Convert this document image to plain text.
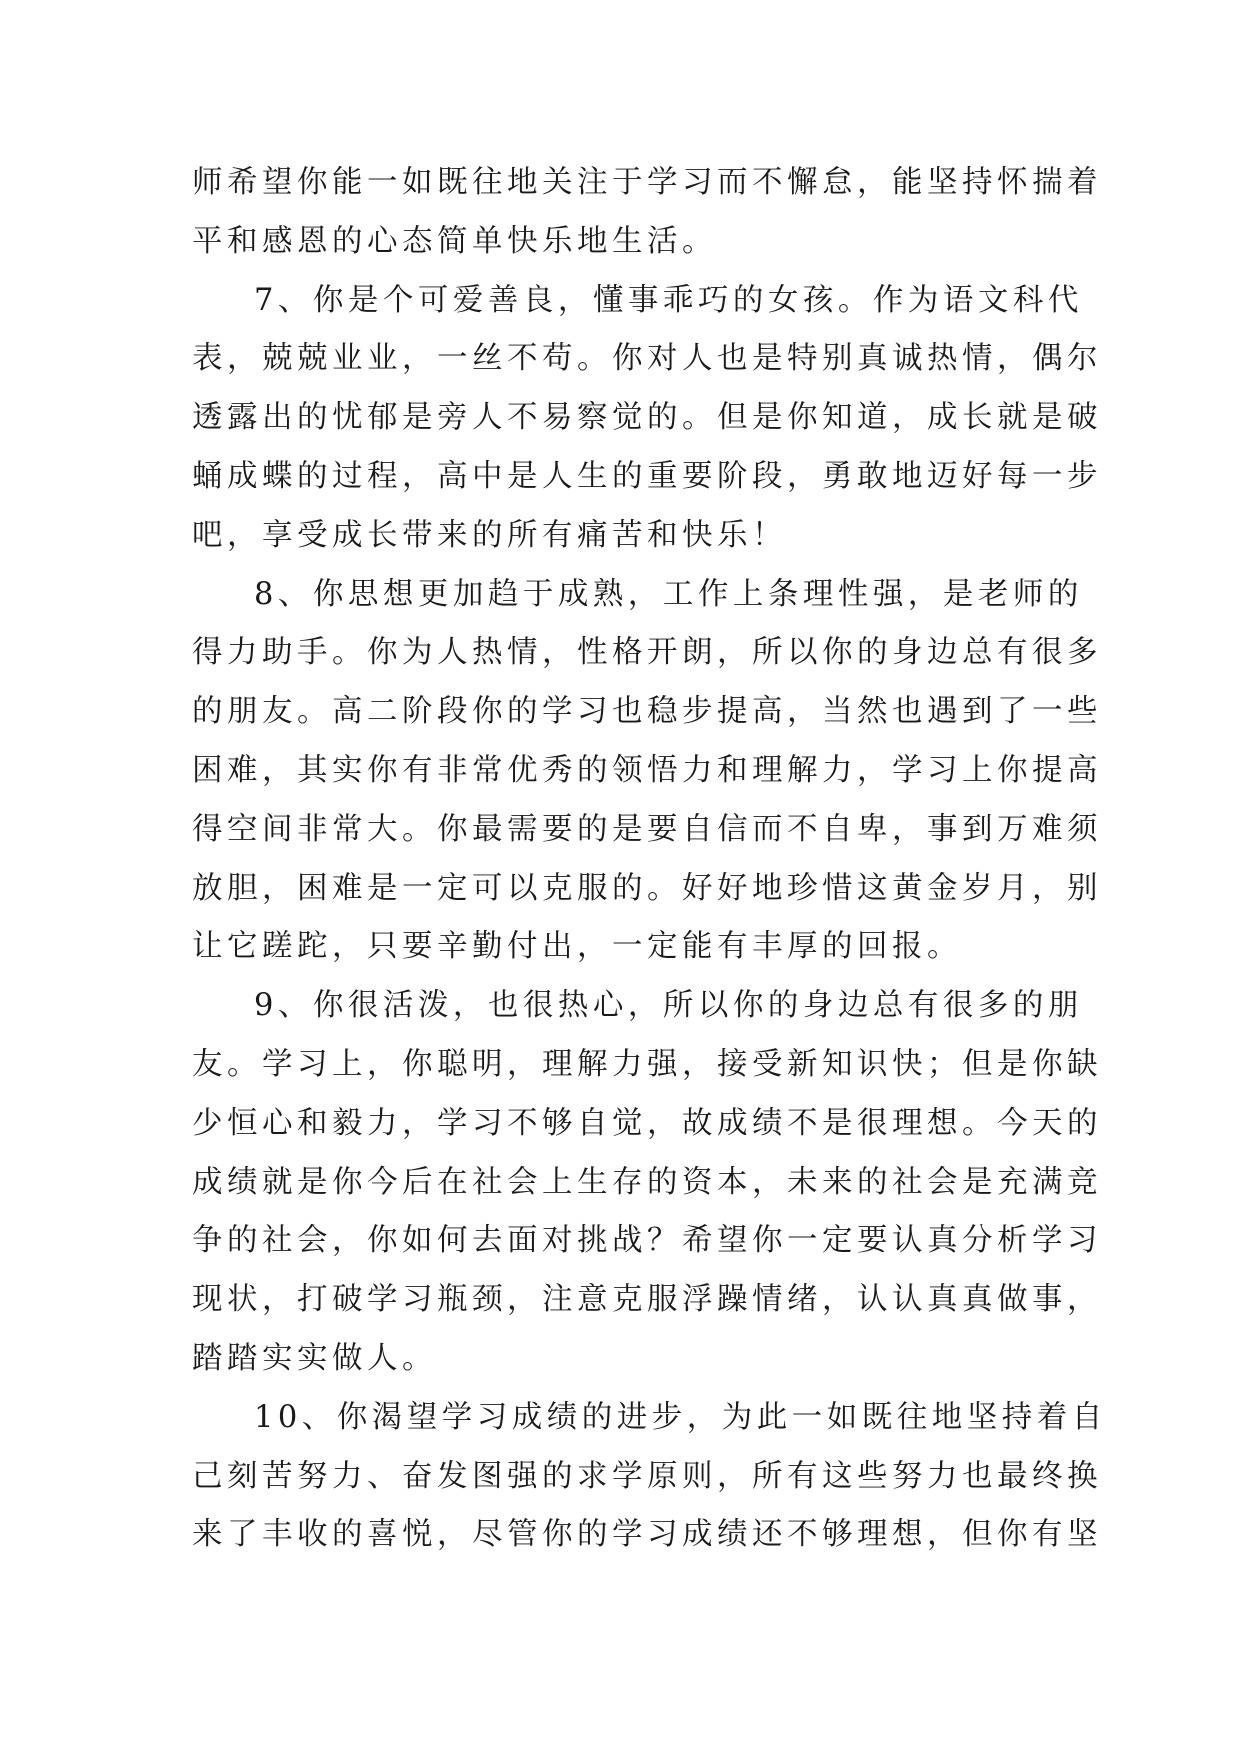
师希望你能一如既往地关注于学习而不懈怠，能坚持怀揣着
平和感恩的心态简单快乐地生活。
7、你是个可爱善良，懂事乖巧的女孩。作为语文科代
表，兢兢业业，一丝不苟。你对人也是特别真诚热情，偶尔
透露出的忧郁是旁人不易察觉的。但是你知道，成长就是破
蛹成蝶的过程，高中是人生的重要阶段，勇敢地迈好每一步
吧，享受成长带来的所有痛苦和快乐！
8、你思想更加趋于成熟，工作上条理性强，是老师的
得力助手。你为人热情，性格开朗，所以你的身边总有很多
的朋友。高二阶段你的学习也稳步提高，当然也遇到了一些
困难，其实你有非常优秀的领悟力和理解力，学习上你提高
得空间非常大。你最需要的是要自信而不自卑，事到万难须
放胆，困难是一定可以克服的。好好地珍惜这黄金岁月，别
让它蹉跎，只要辛勤付出，一定能有丰厚的回报。
9、你很活泼，也很热心，所以你的身边总有很多的朋
友。学习上，你聪明，理解力强，接受新知识快；但是你缺
少恒心和毅力，学习不够自觉，故成绩不是很理想。今天的
成绩就是你今后在社会上生存的资本，未来的社会是充满竞
争的社会，你如何去面对挑战？希望你一定要认真分析学习
现状，打破学习瓶颈，注意克服浮躁情绪，认认真真做事，
踏踏实实做人。
10、你渴望学习成绩的进步，为此一如既往地坚持着自
己刻苦努力、奋发图强的求学原则，所有这些努力也最终换
来了丰收的喜悦，尽管你的学习成绩还不够理想，但你有坚
